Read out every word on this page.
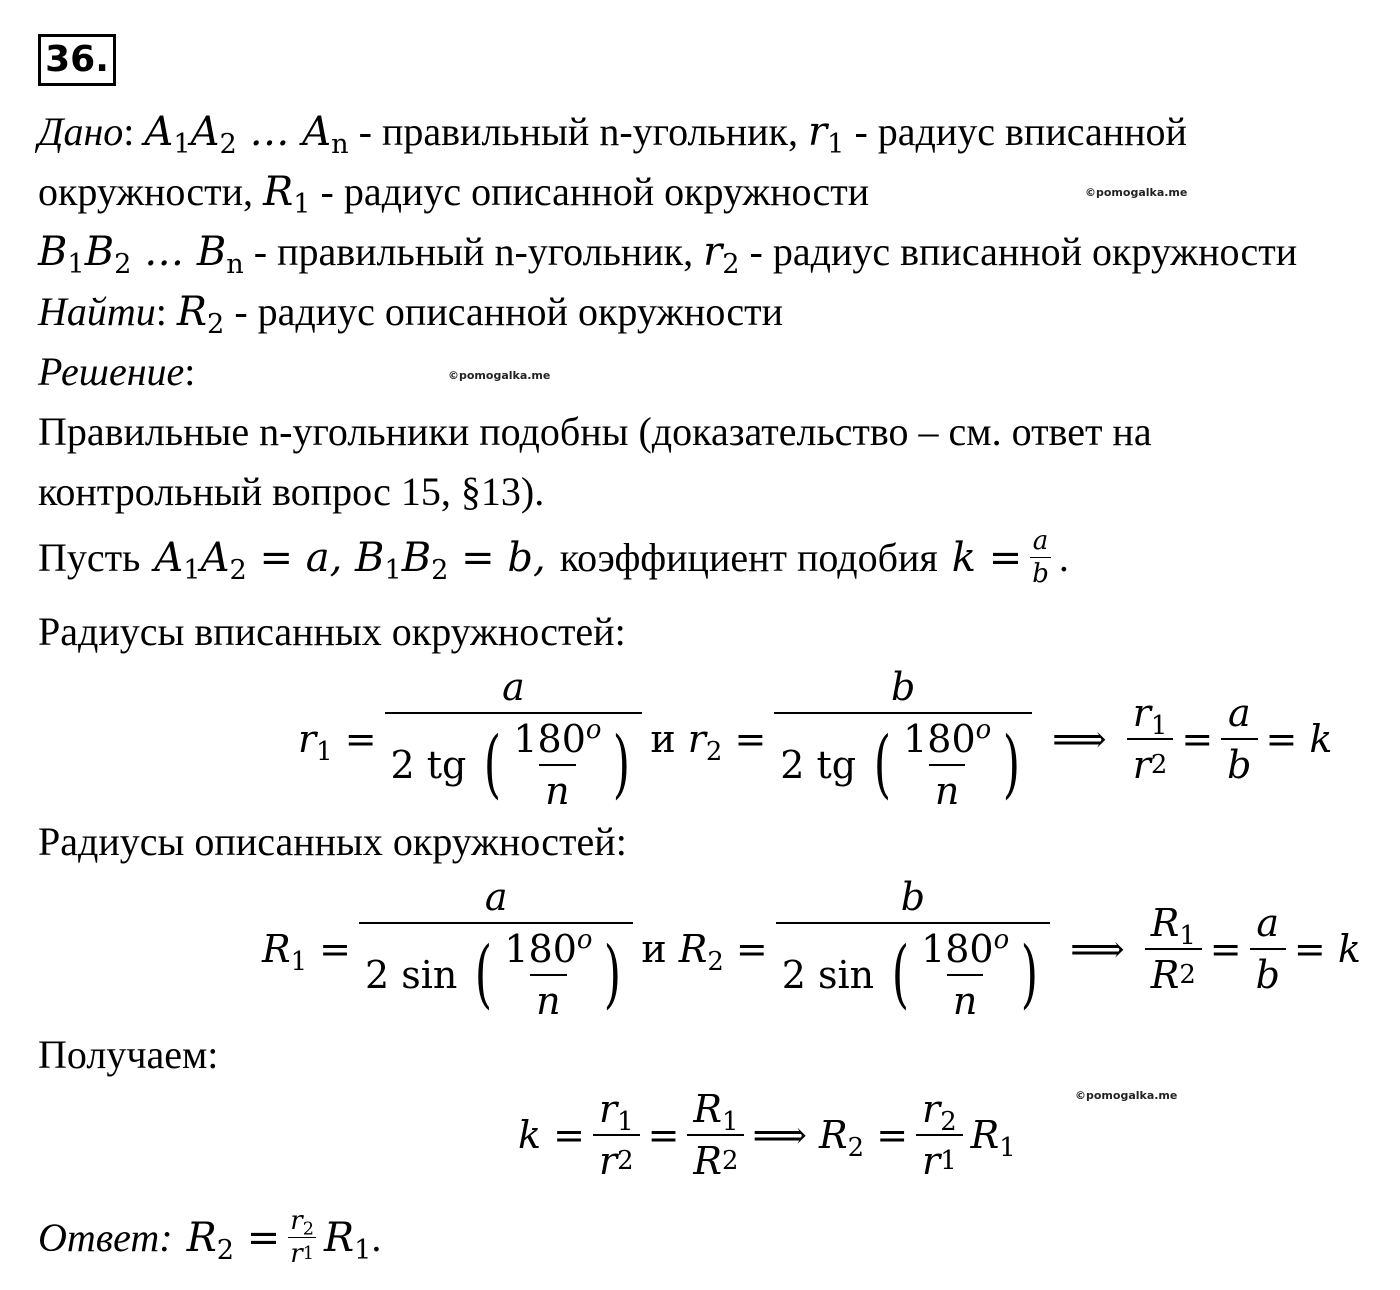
36.
Дано: $A_1A_2$ … $A_n$ - правильный n-угольник, $r_1$ - радиус вписанной
окружности, $R_1$ - радиус описанной окружности	©pomogalka.me
$B_1B_2$ … $B_n$ - правильный n-угольник, $r_2$ - радиус вписанной окружности
Найти: $R_2$ - радиус описанной окружности
Решение:	©pomogalka.me
Правильные n-угольники подобны (доказательство – см. ответ на
контрольный вопрос 15, §13).
Пусть $A_1A_2 = a$, $B_1B_2 = b$, коэффициент подобия $k = \frac{a}{b}$ .
Радиусы вписанных окружностей:
$r_1 = a$
2 tg
( $\frac{180^o}{n}$ ) и
$r_2 = b$
2 tg
( $\frac{180^o}{n}$ ) ⟹ $\frac{r_1}{r 2} = \frac{a}{b} = k$
Радиусы описанных окружностей:
$R_1 = a$
2 sin
( $\frac{180^o}{n}$ ) и
$R_2 = b$
2 sin
( $\frac{180^o}{n}$ ) ⟹ $\frac{R_1}{R 2} = \frac{a}{b} = k$
Получаем:
©pomogalka.me
$k = \frac{r_1}{r 2} = \frac{R_1}{R 2}$ ⟹
$R_2 = \frac{r_2}{r 1} R_1$
Ответ: $R_2 = \frac{r_2}{r 1} R_1$ .
